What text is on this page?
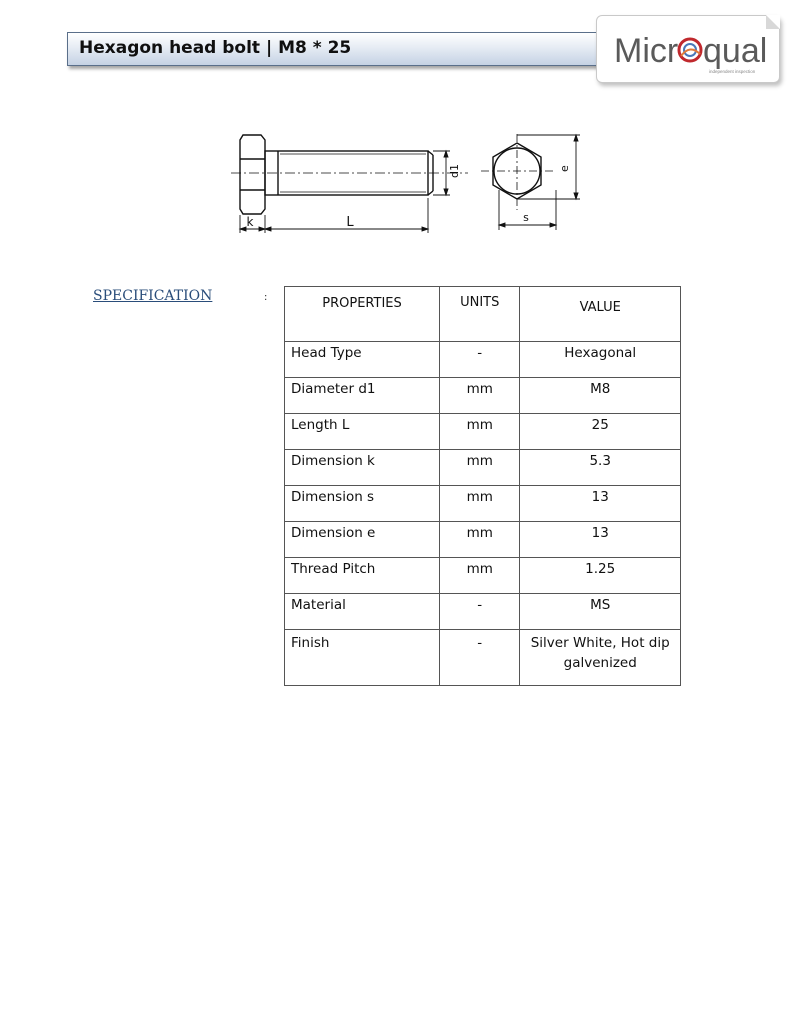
Hexagon head bolt | M8 * 25	Micr qual
independent inspection
k	L
d1	e
s
SPECIFICATION	:	PROPERTIES	UNITS	VALUE
Head Type	-	Hexagonal
Diameter d1	mm	M8
Length L	mm	25
Dimension k	mm	5.3
Dimension s	mm	13
Dimension e	mm	13
Thread Pitch	mm	1.25
Material	-	MS
Finish	-	Silver White, Hot dip galvenized
